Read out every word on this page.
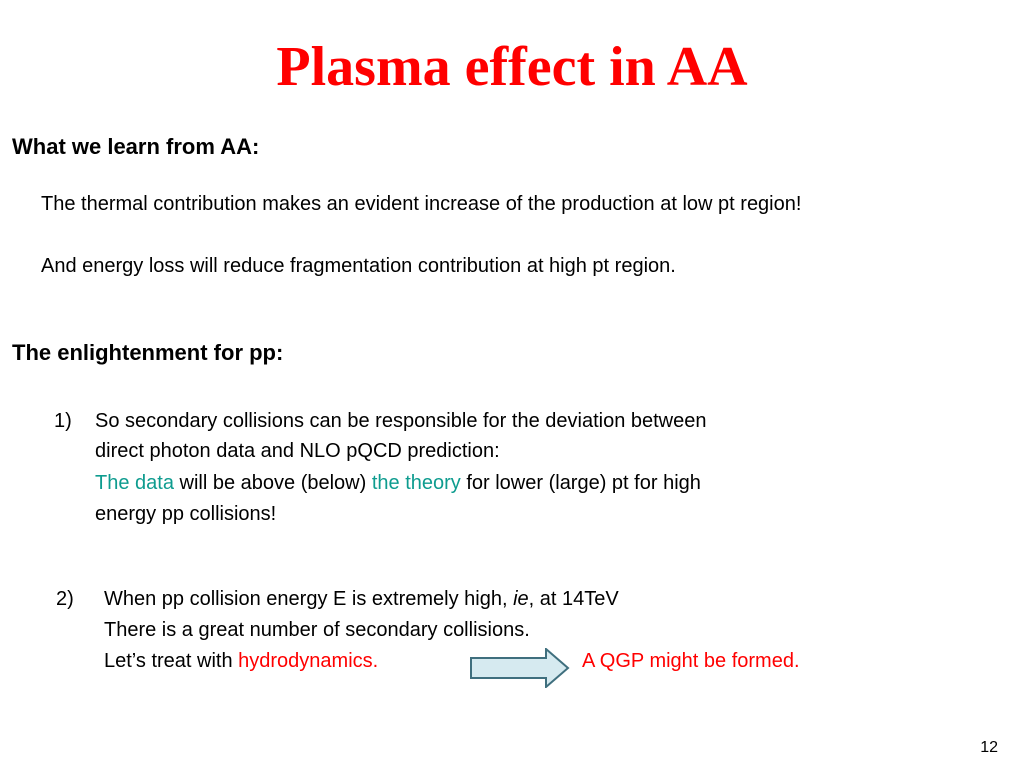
Plasma effect in AA
What we learn from AA:
The thermal contribution makes an evident increase of the production at low pt region!
And energy loss will reduce fragmentation contribution at high pt region.
The enlightenment for pp:
1) So secondary collisions can be responsible for the deviation between
direct photon data and NLO pQCD prediction:
The data will be above (below) the theory for lower (large) pt for high
energy pp collisions!
2) When pp collision energy E is extremely high, ie, at 14TeV
There is a great number of secondary collisions.
Let’s treat with hydrodynamics.	A QGP might be formed.
12
